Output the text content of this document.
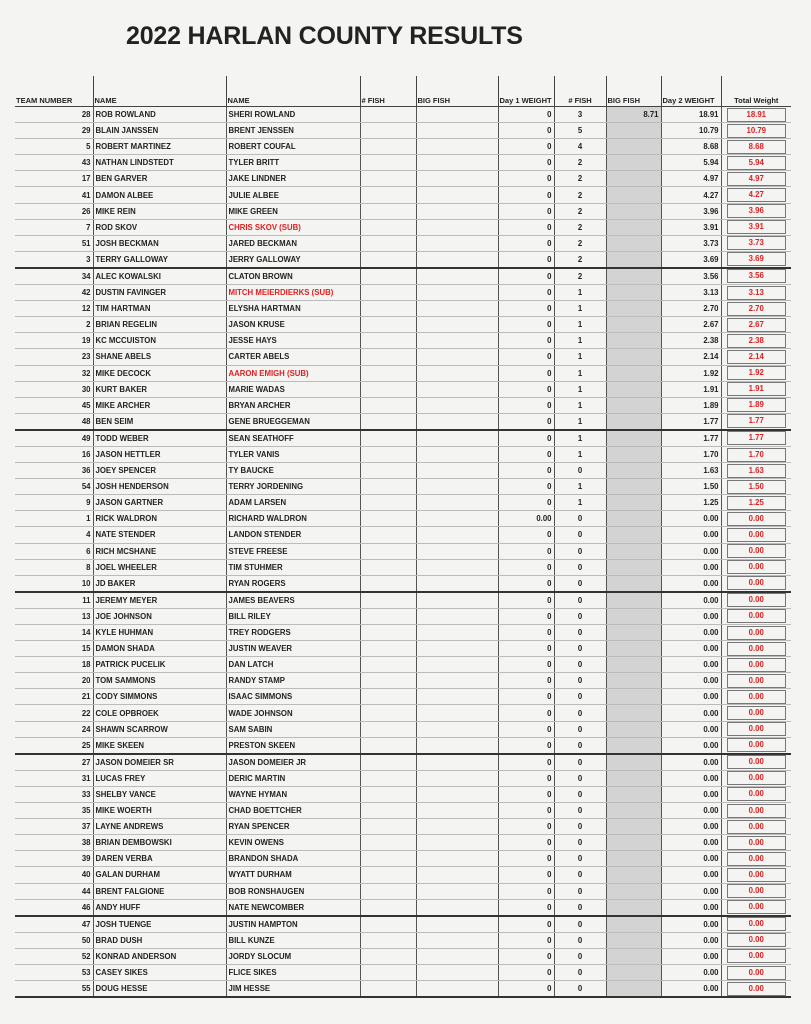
2022 HARLAN COUNTY RESULTS
TEAM NUMBER	NAME	NAME	# FISH	BIG FISH	Day 1 WEIGHT	# FISH	BIG FISH	Day 2 WEIGHT	Total Weight
28	ROB ROWLAND	SHERI ROWLAND			0	3	8.71	18.91	18.91

29	BLAIN JANSSEN	BRENT JENSSEN			0	5		10.79	10.79

5	ROBERT MARTINEZ	ROBERT COUFAL			0	4		8.68	8.68

43	NATHAN LINDSTEDT	TYLER BRITT			0	2		5.94	5.94

17	BEN GARVER	JAKE LINDNER			0	2		4.97	4.97

41	DAMON ALBEE	JULIE ALBEE			0	2		4.27	4.27

26	MIKE REIN	MIKE GREEN			0	2		3.96	3.96

7	ROD SKOV	CHRIS SKOV (SUB)			0	2		3.91	3.91

51	JOSH BECKMAN	JARED BECKMAN			0	2		3.73	3.73

3	TERRY GALLOWAY	JERRY GALLOWAY			0	2		3.69	3.69

34	ALEC KOWALSKI	CLATON BROWN			0	2		3.56	3.56

42	DUSTIN FAVINGER	MITCH MEIERDIERKS (SUB)			0	1		3.13	3.13

12	TIM HARTMAN	ELYSHA HARTMAN			0	1		2.70	2.70

2	BRIAN REGELIN	JASON KRUSE			0	1		2.67	2.67

19	KC MCCUISTON	JESSE HAYS			0	1		2.38	2.38

23	SHANE ABELS	CARTER ABELS			0	1		2.14	2.14

32	MIKE DECOCK	AARON EMIGH (SUB)			0	1		1.92	1.92

30	KURT BAKER	MARIE WADAS			0	1		1.91	1.91

45	MIKE ARCHER	BRYAN ARCHER			0	1		1.89	1.89

48	BEN SEIM	GENE BRUEGGEMAN			0	1		1.77	1.77

49	TODD WEBER	SEAN SEATHOFF			0	1		1.77	1.77

16	JASON HETTLER	TYLER VANIS			0	1		1.70	1.70

36	JOEY SPENCER	TY BAUCKE			0	0		1.63	1.63

54	JOSH HENDERSON	TERRY JORDENING			0	1		1.50	1.50

9	JASON GARTNER	ADAM LARSEN			0	1		1.25	1.25

1	RICK WALDRON	RICHARD WALDRON			0.00	0		0.00	0.00

4	NATE STENDER	LANDON STENDER			0	0		0.00	0.00

6	RICH MCSHANE	STEVE FREESE			0	0		0.00	0.00

8	JOEL WHEELER	TIM STUHMER			0	0		0.00	0.00

10	JD BAKER	RYAN ROGERS			0	0		0.00	0.00

11	JEREMY MEYER	JAMES BEAVERS			0	0		0.00	0.00

13	JOE JOHNSON	BILL RILEY			0	0		0.00	0.00

14	KYLE HUHMAN	TREY RODGERS			0	0		0.00	0.00

15	DAMON SHADA	JUSTIN WEAVER			0	0		0.00	0.00

18	PATRICK PUCELIK	DAN LATCH			0	0		0.00	0.00

20	TOM SAMMONS	RANDY STAMP			0	0		0.00	0.00

21	CODY SIMMONS	ISAAC SIMMONS			0	0		0.00	0.00

22	COLE OPBROEK	WADE JOHNSON			0	0		0.00	0.00

24	SHAWN SCARROW	SAM SABIN			0	0		0.00	0.00

25	MIKE SKEEN	PRESTON SKEEN			0	0		0.00	0.00

27	JASON DOMEIER SR	JASON DOMEIER JR			0	0		0.00	0.00

31	LUCAS FREY	DERIC MARTIN			0	0		0.00	0.00

33	SHELBY VANCE	WAYNE HYMAN			0	0		0.00	0.00

35	MIKE WOERTH	CHAD BOETTCHER			0	0		0.00	0.00

37	LAYNE ANDREWS	RYAN SPENCER			0	0		0.00	0.00

38	BRIAN DEMBOWSKI	KEVIN OWENS			0	0		0.00	0.00

39	DAREN VERBA	BRANDON SHADA			0	0		0.00	0.00

40	GALAN DURHAM	WYATT DURHAM			0	0		0.00	0.00

44	BRENT FALGIONE	BOB RONSHAUGEN			0	0		0.00	0.00

46	ANDY HUFF	NATE NEWCOMBER			0	0		0.00	0.00

47	JOSH TUENGE	JUSTIN HAMPTON			0	0		0.00	0.00

50	BRAD DUSH	BILL KUNZE			0	0		0.00	0.00

52	KONRAD ANDERSON	JORDY SLOCUM			0	0		0.00	0.00

53	CASEY SIKES	FLICE SIKES			0	0		0.00	0.00

55	DOUG HESSE	JIM HESSE			0	0		0.00	0.00
